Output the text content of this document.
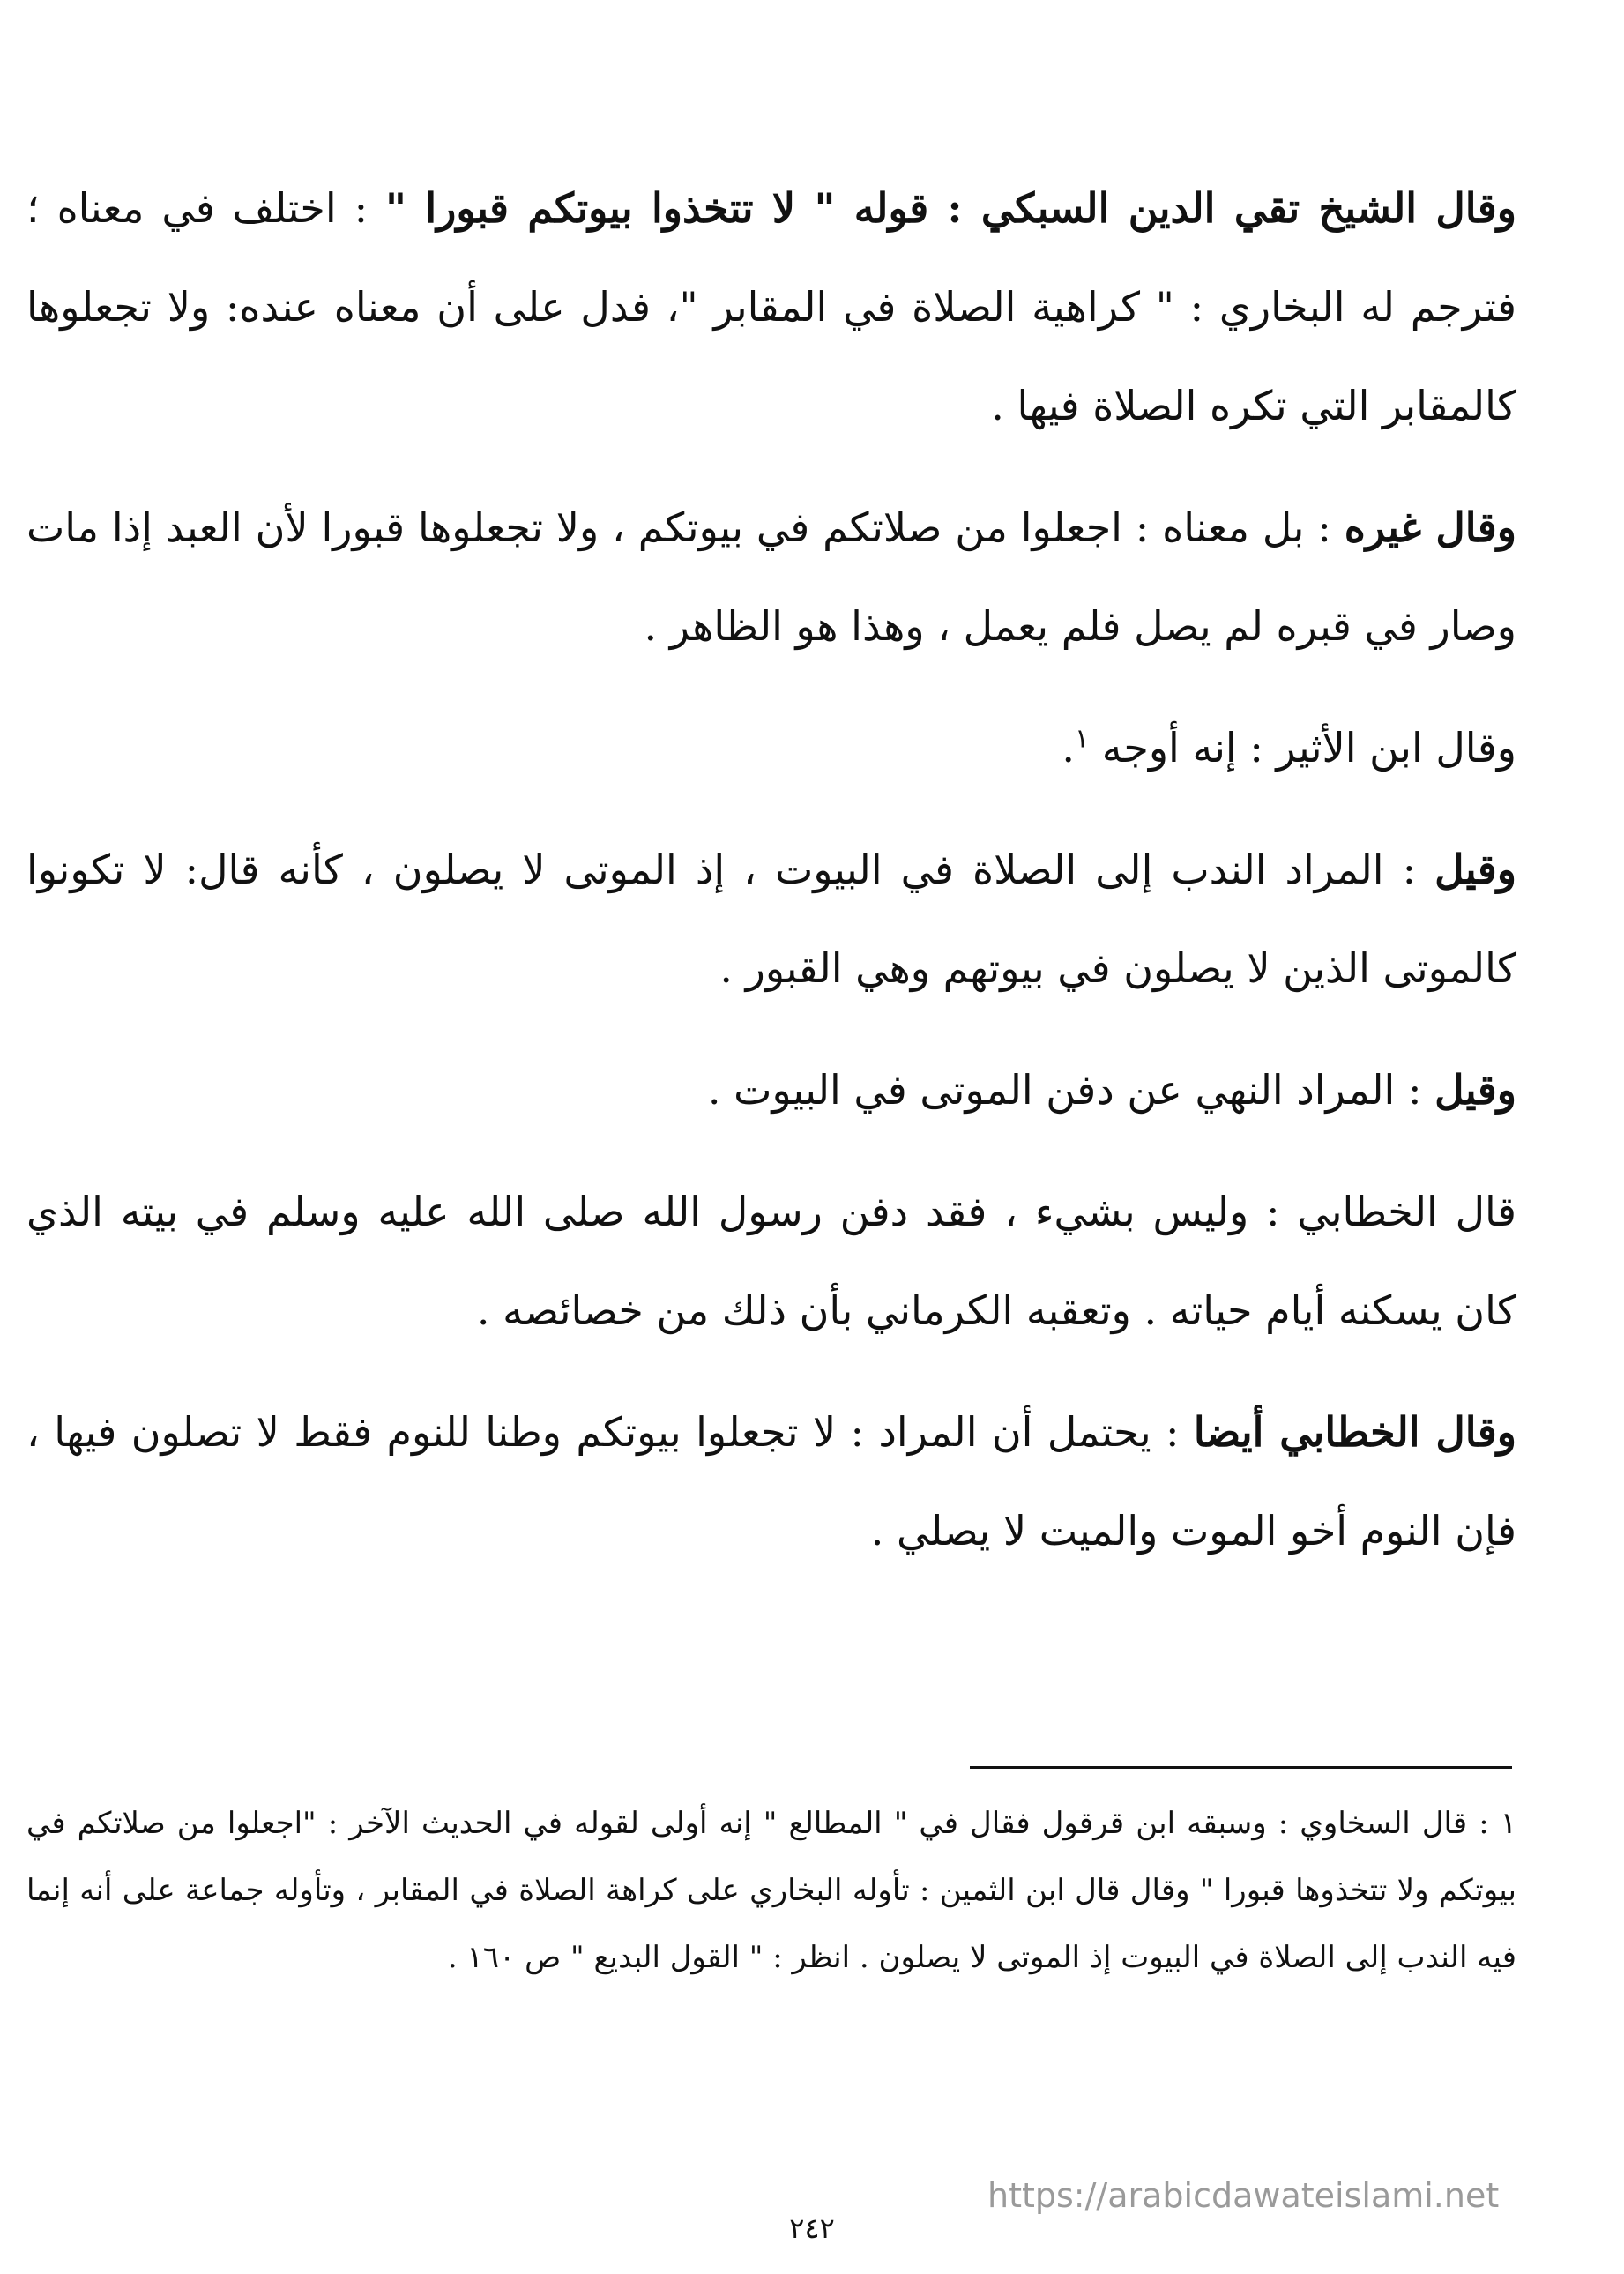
وقال الشيخ تقي الدين السبكي : قوله " لا تتخذوا بيوتكم قبورا " : اختلف في معناه ؛ فترجم له البخاري : " كراهية الصلاة في المقابر "، فدل على أن معناه عنده: ولا تجعلوها كالمقابر التي تكره الصلاة فيها .

وقال غيره : بل معناه : اجعلوا من صلاتكم في بيوتكم ، ولا تجعلوها قبورا لأن العبد إذا مات وصار في قبره لم يصل فلم يعمل ، وهذا هو الظاهر .

وقال ابن الأثير : إنه أوجه $^١$.

وقيل : المراد الندب إلى الصلاة في البيوت ، إذ الموتى لا يصلون ، كأنه قال: لا تكونوا كالموتى الذين لا يصلون في بيوتهم وهي القبور .

وقيل : المراد النهي عن دفن الموتى في البيوت .

قال الخطابي : وليس بشيء ، فقد دفن رسول الله صلى الله عليه وسلم في بيته الذي كان يسكنه أيام حياته . وتعقبه الكرماني بأن ذلك من خصائصه .

وقال الخطابي أيضا : يحتمل أن المراد : لا تجعلوا بيوتكم وطنا للنوم فقط لا تصلون فيها ، فإن النوم أخو الموت والميت لا يصلي .

١ : قال السخاوي : وسبقه ابن قرقول فقال في " المطالع " إنه أولى لقوله في الحديث الآخر : "اجعلوا من صلاتكم في بيوتكم ولا تتخذوها قبورا " وقال قال ابن الثمين : تأوله البخاري على كراهة الصلاة في المقابر ، وتأوله جماعة على أنه إنما فيه الندب إلى الصلاة في البيوت إذ الموتى لا يصلون . انظر : " القول البديع " ص ١٦٠ .
https://arabicdawateislami.net
٢٤٢
